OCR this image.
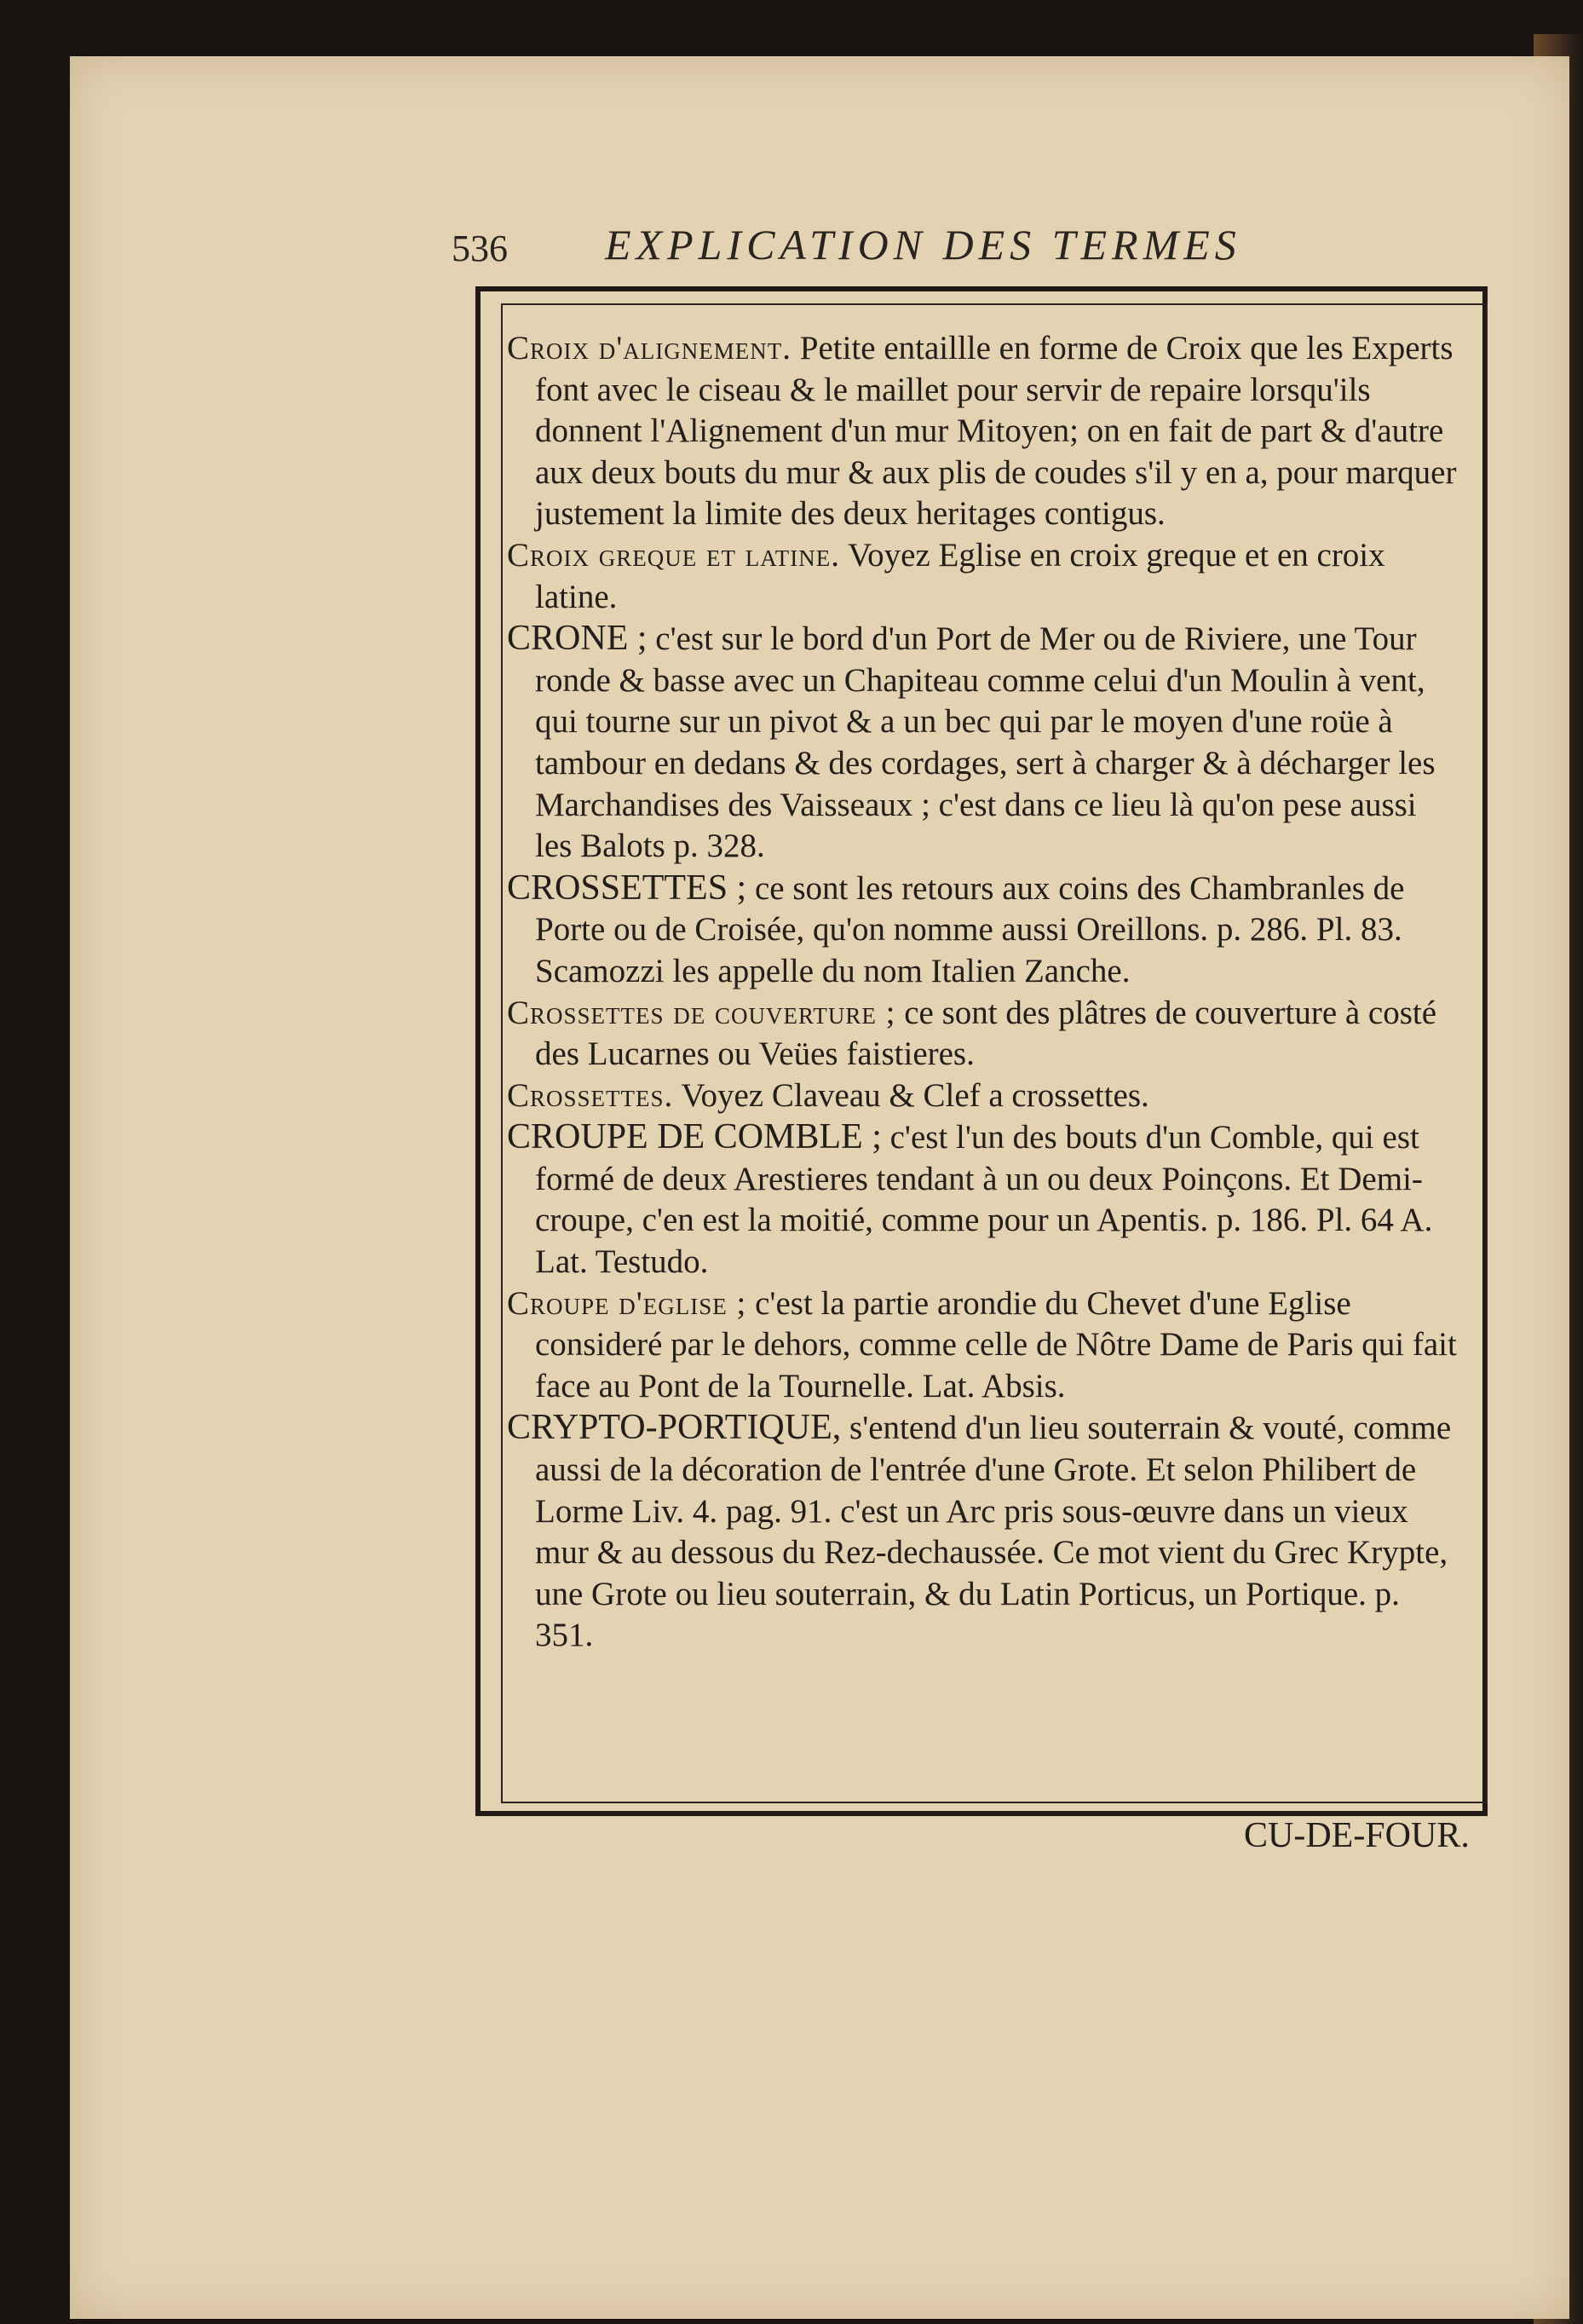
536 EXPLICATION DES TERMES

Croix d'alignement. Petite entaillle en forme de Croix que les Experts font avec le ciseau & le maillet pour servir de repaire lorsqu'ils donnent l'Alignement d'un mur Mitoyen; on en fait de part & d'autre aux deux bouts du mur & aux plis de coudes s'il y en a, pour marquer justement la limite des deux heritages contigus.

Croix greque et latine. Voyez Eglise en croix greque et en croix latine.

CRONE ; c'est sur le bord d'un Port de Mer ou de Riviere, une Tour ronde & basse avec un Chapiteau comme celui d'un Moulin à vent, qui tourne sur un pivot & a un bec qui par le moyen d'une roüe à tambour en dedans & des cordages, sert à charger & à décharger les Marchandises des Vaisseaux ; c'est dans ce lieu là qu'on pese aussi les Balots p. 328.

CROSSETTES ; ce sont les retours aux coins des Chambranles de Porte ou de Croisée, qu'on nomme aussi Oreillons. p. 286. Pl. 83. Scamozzi les appelle du nom Italien Zanche.

Crossettes de couverture ; ce sont des plâtres de couverture à costé des Lucarnes ou Veües faistieres.

Crossettes. Voyez Claveau & Clef a crossettes.

CROUPE DE COMBLE ; c'est l'un des bouts d'un Comble, qui est formé de deux Arestieres tendant à un ou deux Poinçons. Et Demi-croupe, c'en est la moitié, comme pour un Apentis. p. 186. Pl. 64 A. Lat. Testudo.

Croupe d'eglise ; c'est la partie arondie du Chevet d'une Eglise consideré par le dehors, comme celle de Nôtre Dame de Paris qui fait face au Pont de la Tournelle. Lat. Absis.

CRYPTO-PORTIQUE, s'entend d'un lieu souterrain & vouté, comme aussi de la décoration de l'entrée d'une Grote. Et selon Philibert de Lorme Liv. 4. pag. 91. c'est un Arc pris sous-œuvre dans un vieux mur & au dessous du Rez-dechaussée. Ce mot vient du Grec Krypte, une Grote ou lieu souterrain, & du Latin Porticus, un Portique. p. 351.

CU-DE-FOUR.
